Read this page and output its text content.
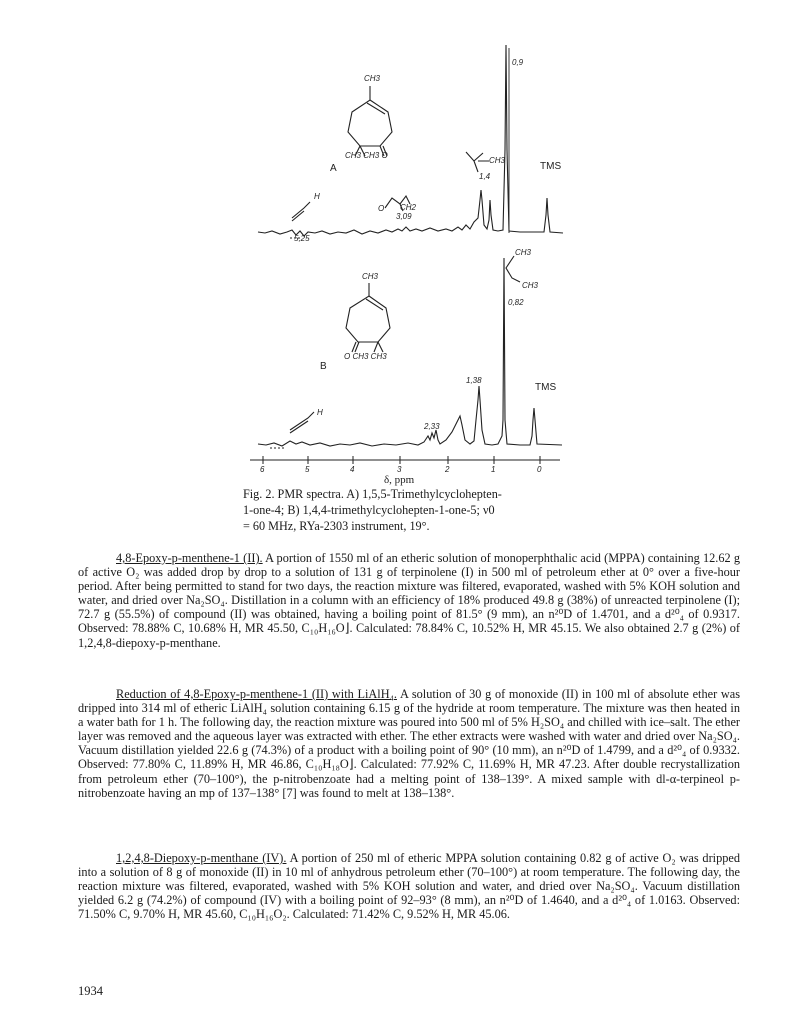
0,9
1,4
3,09
5,25
TMS
A
CH3
CH3 CH3 O
CH3
H
O CH2
0,82
1,38
2,33
TMS
B
CH3
O CH3 CH3
CH3
CH3
H
6	5	4	3	2	1	0
δ, ppm

Fig. 2. PMR spectra. A) 1,5,5-Trimethylcyclohepten-

1-one-4; B) 1,4,4-trimethylcyclohepten-1-one-5; ν0

= 60 MHz, RYa-2303 instrument, 19°.

4,8-Epoxy-p-menthene-1 (II). A portion of 1550 ml of an etheric solution of monoperphthalic acid (MPPA) containing 12.62 g of active O₂ was added drop by drop to a solution of 131 g of terpinolene (I) in 500 ml of petroleum ether at 0° over a five-hour period. After being permitted to stand for two days, the reaction mixture was filtered, evaporated, washed with 5% KOH solution and water, and dried over Na₂SO₄. Distillation in a column with an efficiency of 18% produced 49.8 g (38%) of unreacted terpinolene (I); 72.7 g (55.5%) of compound (II) was obtained, having a boiling point of 81.5° (9 mm), an n²⁰D of 1.4701, and a d²⁰₄ of 0.9317. Observed: 78.88% C, 10.68% H, MR 45.50, C₁₀H₁₆O⌋. Calculated: 78.84% C, 10.52% H, MR 45.15. We also obtained 2.7 g (2%) of 1,2,4,8-diepoxy-p-menthane.

Reduction of 4,8-Epoxy-p-menthene-1 (II) with LiAlH₄. A solution of 30 g of monoxide (II) in 100 ml of absolute ether was dripped into 314 ml of etheric LiAlH₄ solution containing 6.15 g of the hydride at room temperature. The mixture was then heated in a water bath for 1 h. The following day, the reaction mixture was poured into 500 ml of 5% H₂SO₄ and chilled with ice–salt. The ether layer was removed and the aqueous layer was extracted with ether. The ether extracts were washed with water and dried over Na₂SO₄. Vacuum distillation yielded 22.6 g (74.3%) of a product with a boiling point of 90° (10 mm), an n²⁰D of 1.4799, and a d²⁰₄ of 0.9332. Observed: 77.80% C, 11.89% H, MR 46.86, C₁₀H₁₈O⌋. Calculated: 77.92% C, 11.69% H, MR 47.23. After double recrystallization from petroleum ether (70–100°), the p-nitrobenzoate had a melting point of 138–139°. A mixed sample with dl-α-terpineol p-nitrobenzoate having an mp of 137–138° [7] was found to melt at 138–138°.

1,2,4,8-Diepoxy-p-menthane (IV). A portion of 250 ml of etheric MPPA solution containing 0.82 g of active O₂ was dripped into a solution of 8 g of monoxide (II) in 10 ml of anhydrous petroleum ether (70–100°) at room temperature. The following day, the reaction mixture was filtered, evaporated, washed with 5% KOH solution and water, and dried over Na₂SO₄. Vacuum distillation yielded 6.2 g (74.2%) of compound (IV) with a boiling point of 92–93° (8 mm), an n²⁰D of 1.4640, and a d²⁰₄ of 1.0163. Observed: 71.50% C, 9.70% H, MR 45.60, C₁₀H₁₆O₂. Calculated: 71.42% C, 9.52% H, MR 45.06.

1934
